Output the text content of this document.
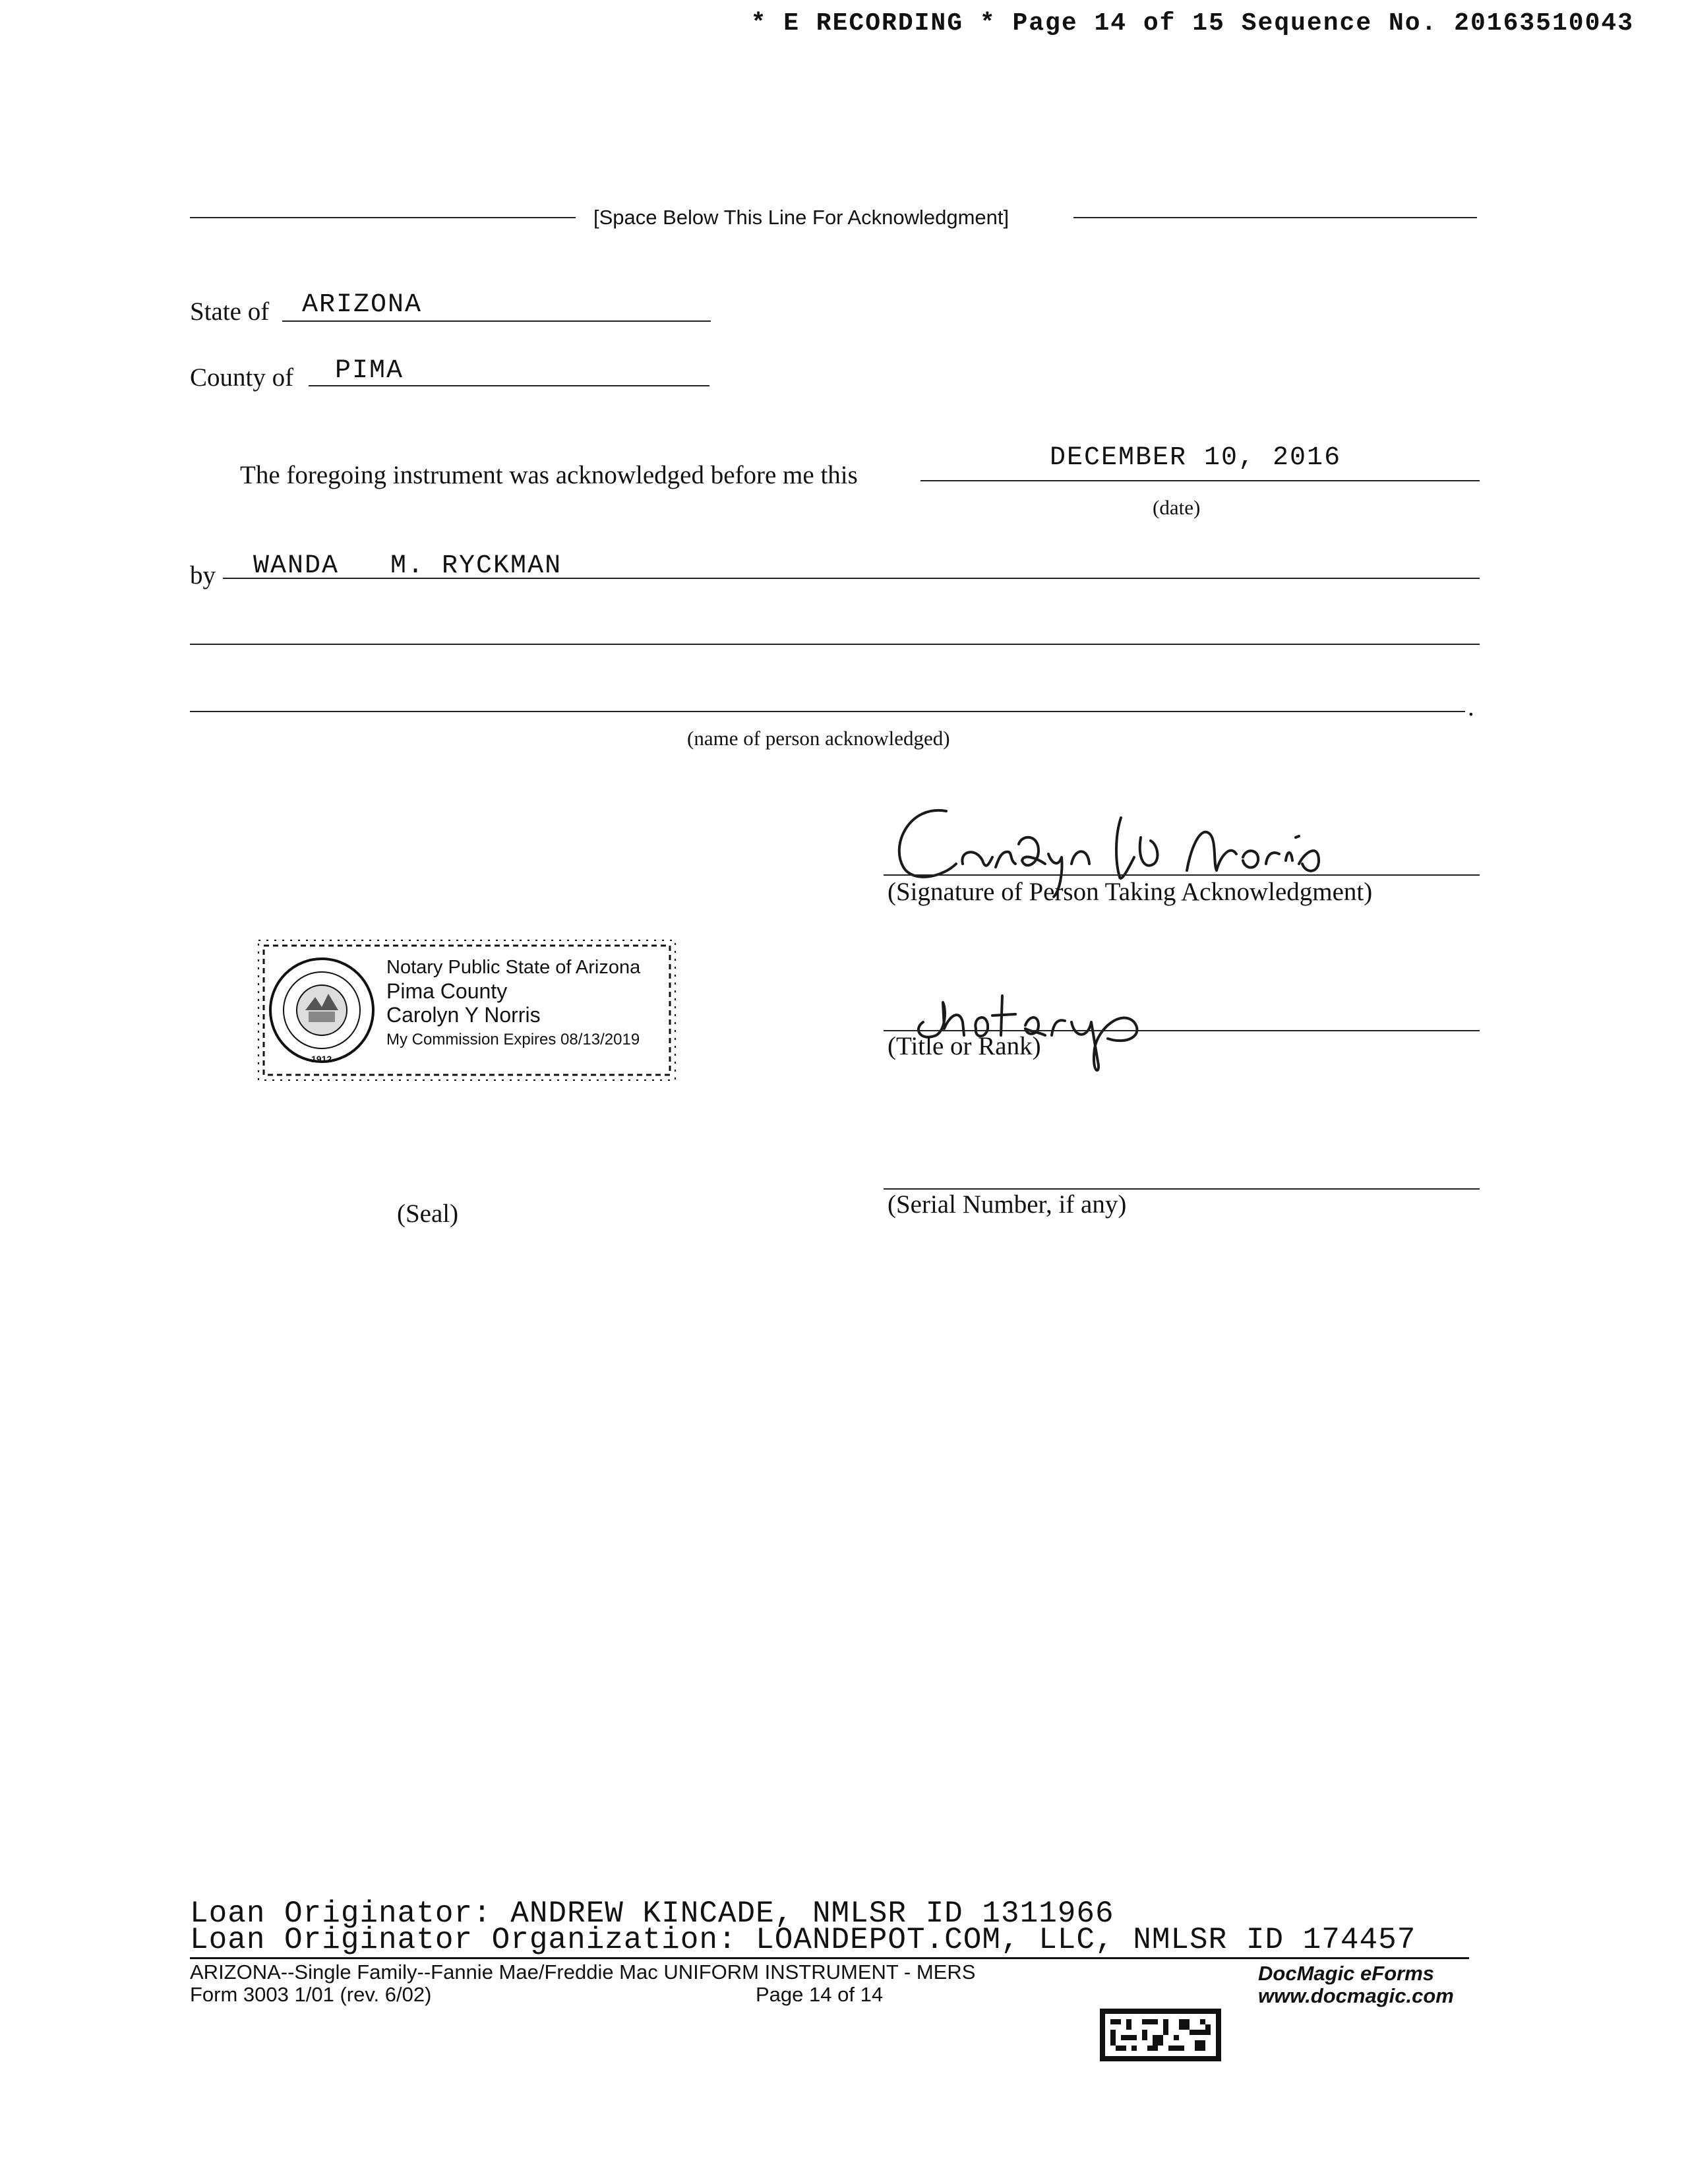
* E RECORDING * Page 14 of 15 Sequence No. 20163510043
[Space Below This Line For Acknowledgment]
State of ARIZONA
County of PIMA
The foregoing instrument was acknowledged before me this
DECEMBER 10, 2016
(date)
by WANDA   M. RYCKMAN
.
(name of person acknowledged)
(Signature of Person Taking Acknowledgment)
1912
Notary Public State of Arizona
Pima County
Carolyn Y Norris
My Commission Expires 08/13/2019	(Title or Rank)
(Serial Number, if any)
(Seal)
Loan Originator: ANDREW KINCADE, NMLSR ID 1311966
Loan Originator Organization: LOANDEPOT.COM, LLC, NMLSR ID 174457
ARIZONA--Single Family--Fannie Mae/Freddie Mac UNIFORM INSTRUMENT - MERS
Form 3003 1/01 (rev. 6/02)	Page 14 of 14
DocMagic eForms
www.docmagic.com
